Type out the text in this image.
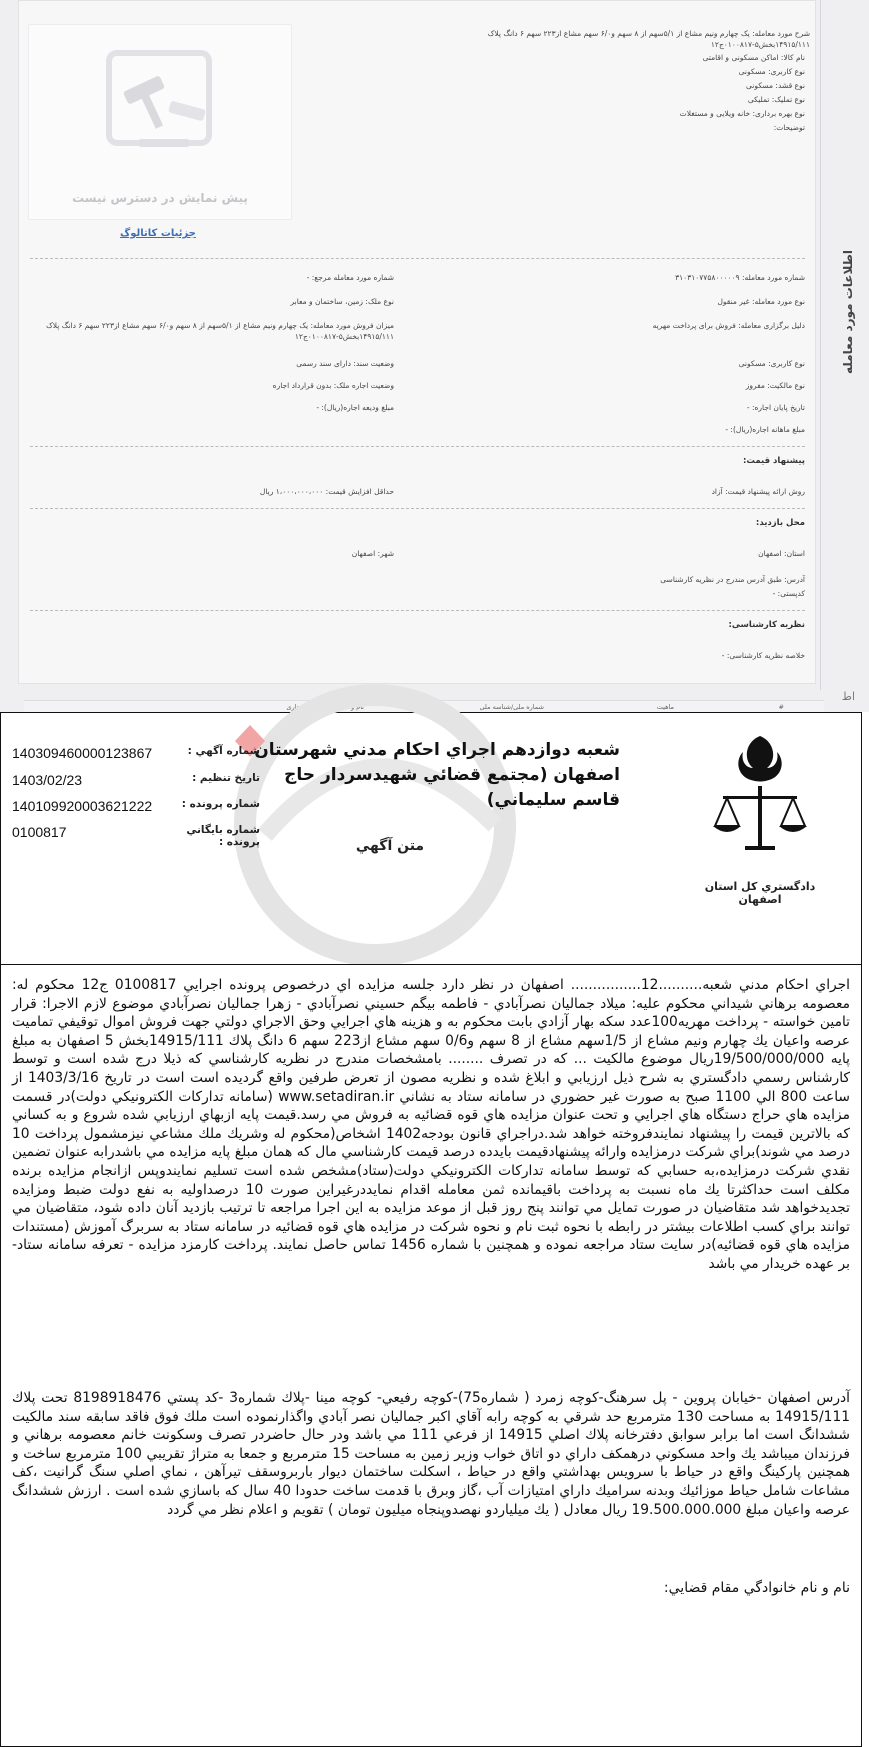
اطلاعات مورد معامله
پیش نمایش در دسترس نیست
جزئیات کاتالوگ
شرح مورد معامله: یک چهارم ونیم مشاع از ۵/۱سهم از ۸ سهم و۶/۰ سهم مشاع از۲۲۳ سهم ۶ دانگ پلاک ۱۴۹۱۵/۱۱۱بخش۵-۰۱۰۰۸۱۷ج۱۲
نام کالا: اماکن مسکونی و اقامتی
نوع کاربری: مسکونی
نوع قشد: مسکونی
نوع تملیک: تملیکی
نوع بهره برداری: خانه ویلایی و مستغلات
توضیحات:
شماره مورد معامله: ۳۱۰۳۱۰۷۷۵۸۰۰۰۰۰۹
شماره مورد معامله مرجع: -
نوع مورد معامله: غیر منقول
نوع ملک: زمین، ساختمان و معابر
دلیل برگزاری معامله: فروش برای پرداخت مهریه
میزان فروش مورد معامله: یک چهارم ونیم مشاع از ۵/۱سهم از ۸ سهم و۶/۰ سهم مشاع از۲۲۳ سهم ۶ دانگ پلاک ۱۴۹۱۵/۱۱۱بخش۵-۰۱۰۰۸۱۷ج۱۲
نوع کاربری: مسکونی
وضعیت سند: دارای سند رسمی
نوع مالکیت: مفروز
وضعیت اجاره ملک: بدون قرارداد اجاره
تاریخ پایان اجاره: -
مبلغ ودیعه اجاره(ریال): -
مبلغ ماهانه اجاره(ریال): -
پیشنهاد قیمت:
روش ارائه پیشنهاد قیمت: آزاد
حداقل افزایش قیمت: ۱،۰۰۰،۰۰۰،۰۰۰ ریال
محل بازدید:
استان: اصفهان
شهر: اصفهان
آدرس: طبق آدرس مندرج در نظریه کارشناسی
کدپستی: -
نظریه کارشناسی:
خلاصه نظریه کارشناسی: -
#
ماهیت
شماره ملی/شناسه ملی
نام و نام خانوادگی/نام تجاری
اط
شعبه دوازدهم اجراي احكام مدني شهرستان اصفهان (مجتمع قضائي شهيدسردار حاج قاسم سليماني)
متن آگهي
دادگستري كل استان اصفهان
شماره آگهي :
140309460000123867
تاريخ تنظيم :
1403/02/23
شماره پرونده :
140109920003621222
شماره بايگاني پرونده :
0100817
اجراي احكام مدني شعبه..........12................ اصفهان در نظر دارد جلسه مزايده اي درخصوص پرونده اجرايي 0100817 ج12 محكوم له: معصومه برهاني شيداني محكوم عليه: ميلاد جماليان نصرآبادي - فاطمه بيگم حسيني نصرآبادي - زهرا جماليان نصرآبادي موضوع لازم الاجرا: قرار تامين خواسته - پرداخت مهريه100عدد سكه بهار آزادي بابت محكوم به و هزينه هاي اجرايي وحق الاجراي دولتي جهت فروش اموال توقيفي تماميت عرصه واعيان يك چهارم ونيم مشاع از 1/5سهم مشاع از 8 سهم و0/6 سهم مشاع از223 سهم 6 دانگ پلاك 14915/111بخش 5 اصفهان به مبلغ پايه 19/500/000/000ريال موضوع مالكيت ... كه در تصرف ........ بامشخصات مندرج در نظريه كارشناسي كه ذيلا درج شده است و توسط كارشناس رسمي دادگستري به شرح ذيل ارزيابي و ابلاغ شده و نظريه مصون از تعرض طرفين واقع گرديده است است در تاريخ 1403/3/16 از ساعت 800 الي 1100 صبح به صورت غير حضوري در سامانه ستاد به نشاني www.setadiran.ir (سامانه تداركات الكترونيكي دولت)در قسمت مزايده هاي حراج دستگاه هاي اجرايي و تحت عنوان مزايده هاي قوه قضائيه به فروش مي رسد.قيمت پايه ازبهاي ارزيابي شده شروع و به كساني كه بالاترين قيمت را پيشنهاد نمايندفروخته خواهد شد.دراجراي قانون بودجه1402 اشخاص(محكوم له وشريك ملك مشاعي نيزمشمول پرداخت 10 درصد مي شوند)براي شركت درمزايده وارائه پيشنهادقيمت بايدده درصد قيمت كارشناسي مال كه همان مبلغ پايه مزايده مي باشدرابه عنوان تضمين نقدي شركت درمزايده،به حسابي كه توسط سامانه تداركات الكترونيكي دولت(ستاد)مشخص شده است تسليم نمايندوپس ازانجام مزايده برنده مكلف است حداكثرتا يك ماه نسبت به پرداخت باقيمانده ثمن معامله اقدام نمايددرغيراين صورت 10 درصداوليه به نفع دولت ضبط ومزايده تجديدخواهد شد متقاضيان در صورت تمايل مي توانند پنج روز قبل از موعد مزايده به اين اجرا مراجعه تا ترتيب بازديد آنان داده شود، متقاضيان مي توانند براي كسب اطلاعات بيشتر در رابطه با نحوه ثبت نام و نحوه شركت در مزايده هاي قوه قضائيه در سامانه ستاد به سربرگ آموزش (مستندات مزايده هاي قوه قضائيه)در سايت ستاد مراجعه نموده و همچنين با شماره 1456 تماس حاصل نمايند. پرداخت كارمزد مزايده - تعرفه سامانه ستاد- بر عهده خريدار مي باشد
آدرس اصفهان -خيابان پروين - پل سرهنگ-كوچه زمرد ( شماره75)-كوچه رفيعي- كوچه مينا -پلاك شماره3 -كد پستي 8198918476 تحت پلاك 14915/111 به مساحت 130 مترمربع حد شرقي به كوچه رابه آقاي اكبر جماليان نصر آبادي واگذارنموده است ملك فوق فاقد سابقه سند مالكيت ششدانگ است اما برابر سوابق دفترخانه پلاك اصلي 14915 از فرعي 111 مي باشد ودر حال حاضردر تصرف وسكونت خانم معصومه برهاني و فرزندان ميباشد يك واحد مسكوني درهمكف داراي دو اتاق خواب وزير زمين به مساحت 15 مترمربع و جمعا به متراژ تقريبي 100 مترمربع ساخت و همچنين پاركينگ واقع در حياط با سرويس بهداشتي واقع در حياط ، اسكلت ساختمان ديوار باربروسقف تيرآهن ، نماي اصلي سنگ گرانيت ،كف مشاعات شامل حياط موزائيك وبدنه سراميك داراي امتيازات آب ،گاز وبرق با قدمت ساخت حدودا 40 سال كه باسازي شده است . ارزش ششدانگ عرصه واعيان مبلغ 19.500.000.000 ريال معادل ( يك ميلياردو نهصدوپنجاه ميليون تومان ) تقويم و اعلام نظر مي گردد
نام و نام خانوادگي مقام قضايي:
